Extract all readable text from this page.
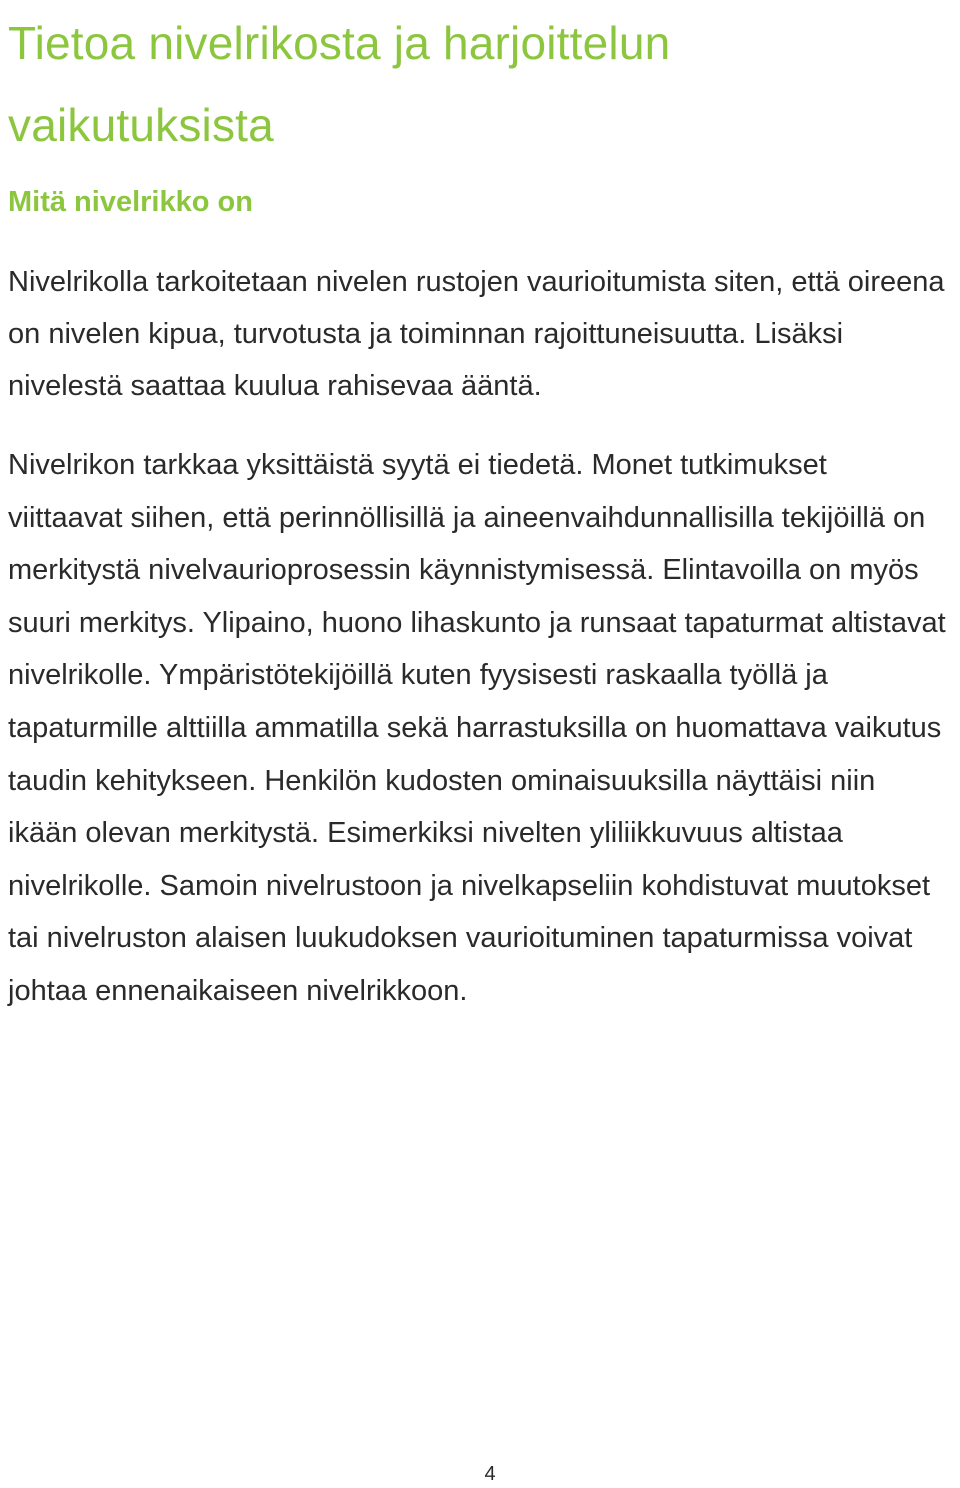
Tietoa nivelrikosta ja harjoittelun vaikutuksista
Mitä nivelrikko on

Nivelrikolla tarkoitetaan nivelen rustojen vaurioitumista siten, että oireena on nivelen kipua, turvotusta ja toiminnan rajoittuneisuutta. Lisäksi nivelestä saattaa kuulua rahisevaa ääntä.

Nivelrikon tarkkaa yksittäistä syytä ei tiedetä. Monet tutkimukset viittaavat siihen, että perinnöllisillä ja aineenvaihdunnallisilla tekijöillä on merkitystä nivelvaurioprosessin käynnistymisessä. Elintavoilla on myös suuri merkitys. Ylipaino, huono lihaskunto ja runsaat tapaturmat altistavat nivelrikolle. Ympäristötekijöillä kuten fyysisesti raskaalla työllä ja tapaturmille alttiilla ammatilla sekä harrastuksilla on huomattava vaikutus taudin kehitykseen. Henkilön kudosten ominaisuuksilla näyttäisi niin ikään olevan merkitystä. Esimerkiksi nivelten yliliikkuvuus altistaa nivelrikolle. Samoin nivelrustoon ja nivelkapseliin kohdistuvat muutokset tai nivelruston alaisen luukudoksen vaurioituminen tapaturmissa voivat johtaa ennenaikaiseen nivelrikkoon.

4
